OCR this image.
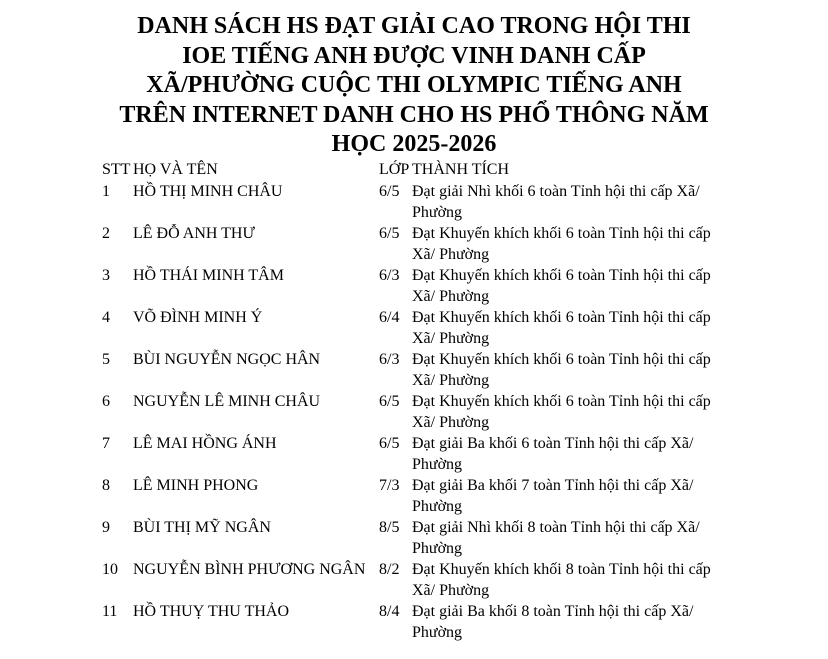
DANH SÁCH HS ĐẠT GIẢI CAO TRONG HỘI THI
IOE TIẾNG ANH ĐƯỢC VINH DANH CẤP
XÃ/PHƯỜNG CUỘC THI OLYMPIC TIẾNG ANH
TRÊN INTERNET DANH CHO HS PHỔ THÔNG NĂM
HỌC 2025-2026
STT HỌ VÀ TÊN	LỚP THÀNH TÍCH
1	HỒ THỊ MINH CHÂU	6/5 Đạt giải Nhì khối 6 toàn Tỉnh hội thi cấp Xã/ Phường
2	LÊ ĐỖ ANH THƯ	6/5 Đạt Khuyến khích khối 6 toàn Tỉnh hội thi cấp Xã/ Phường
3	HỒ THÁI MINH TÂM	6/3 Đạt Khuyến khích khối 6 toàn Tỉnh hội thi cấp Xã/ Phường
4	VÕ ĐÌNH MINH Ý	6/4 Đạt Khuyến khích khối 6 toàn Tỉnh hội thi cấp Xã/ Phường
5	BÙI NGUYỄN NGỌC HÂN	6/3 Đạt Khuyến khích khối 6 toàn Tỉnh hội thi cấp Xã/ Phường
6	NGUYỄN LÊ MINH CHÂU	6/5 Đạt Khuyến khích khối 6 toàn Tỉnh hội thi cấp Xã/ Phường
7	LÊ MAI HỒNG ÁNH	6/5 Đạt giải Ba khối 6 toàn Tỉnh hội thi cấp Xã/ Phường
8	LÊ MINH PHONG	7/3 Đạt giải Ba khối 7 toàn Tỉnh hội thi cấp Xã/ Phường
9	BÙI THỊ MỸ NGÂN	8/5 Đạt giải Nhì khối 8 toàn Tỉnh hội thi cấp Xã/ Phường
10 NGUYỄN BÌNH PHƯƠNG NGÂN 8/2 Đạt Khuyến khích khối 8 toàn Tỉnh hội thi cấp Xã/ Phường
11 HỒ THUỴ THU THẢO	8/4 Đạt giải Ba khối 8 toàn Tỉnh hội thi cấp Xã/ Phường
